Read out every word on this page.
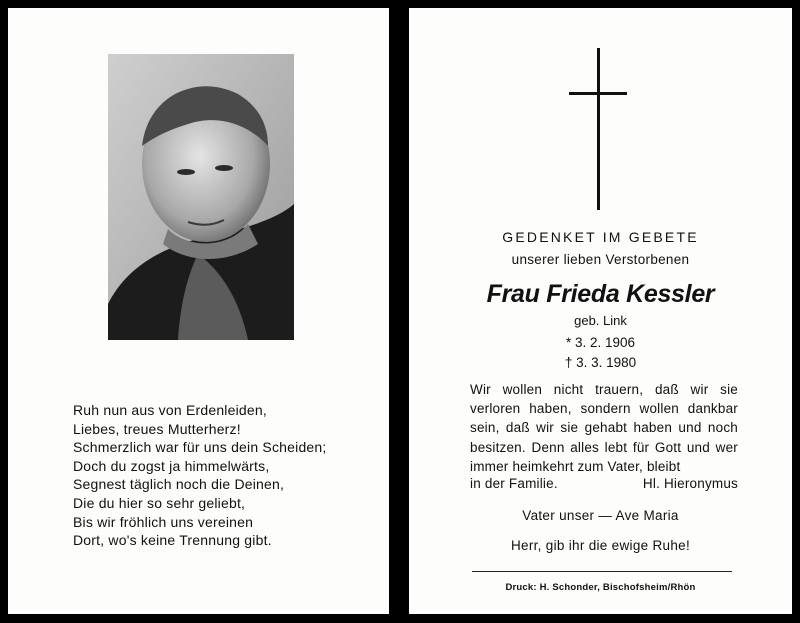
Ruh nun aus von Erdenleiden,
Liebes, treues Mutterherz!
Schmerzlich war für uns dein Scheiden;
Doch du zogst ja himmelwärts,
Segnest täglich noch die Deinen,
Die du hier so sehr geliebt,
Bis wir fröhlich uns vereinen
Dort, wo's keine Trennung gibt.
GEDENKET IM GEBETE
unserer lieben Verstorbenen
Frau Frieda Kessler
geb. Link
* 3. 2. 1906
† 3. 3. 1980
Wir wollen nicht trauern, daß wir sie verloren haben, sondern wollen dankbar sein, daß wir sie gehabt haben und noch besitzen. Denn alles lebt für Gott und wer immer heimkehrt zum Vater, bleibt
in der Familie.	Hl. Hieronymus
Vater unser — Ave Maria
Herr, gib ihr die ewige Ruhe!
Druck: H. Schonder, Bischofsheim/Rhön
